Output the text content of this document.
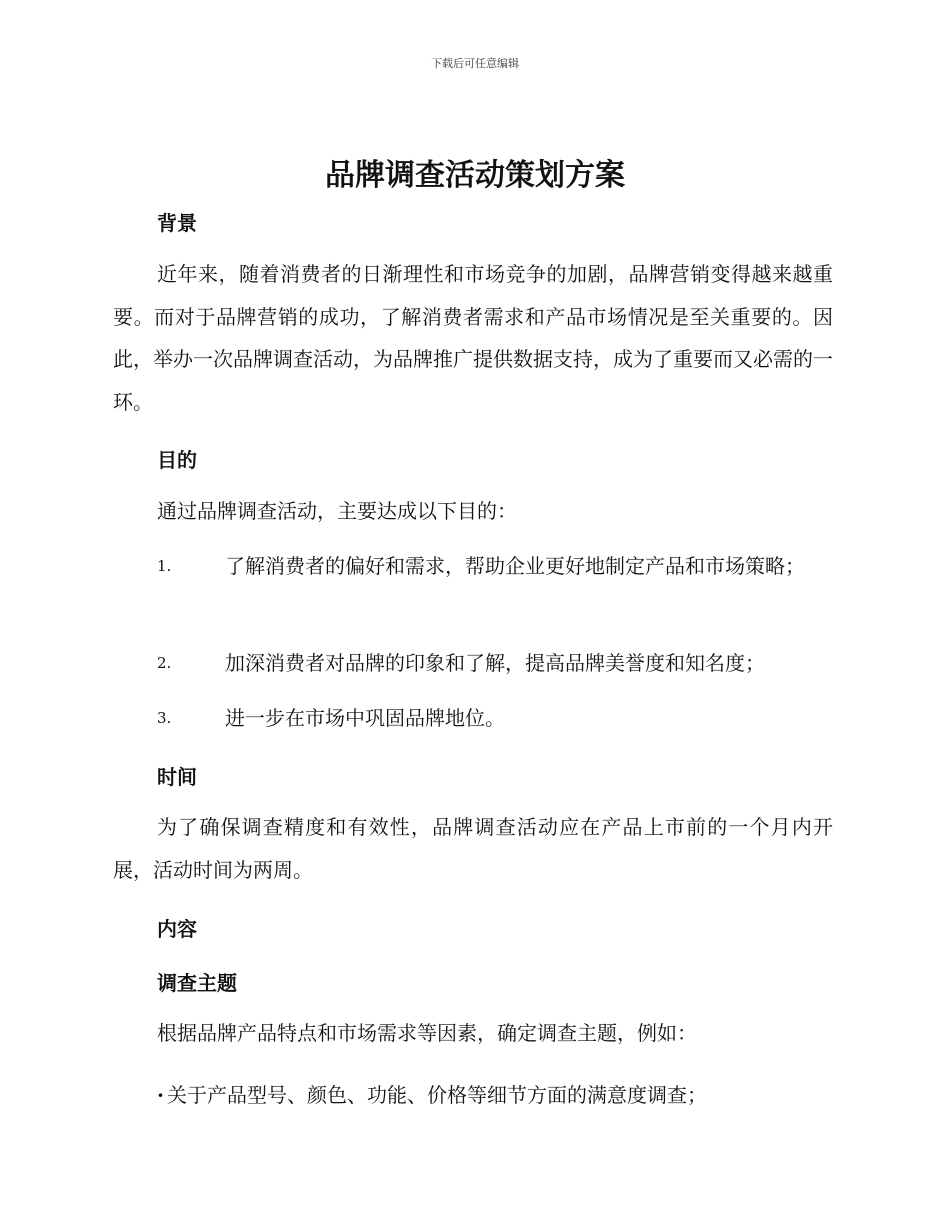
下载后可任意编辑
品牌调查活动策划方案
背景

近年来，随着消费者的日渐理性和市场竞争的加剧，品牌营销变得越来越重要。而对于品牌营销的成功，了解消费者需求和产品市场情况是至关重要的。因此，举办一次品牌调查活动，为品牌推广提供数据支持，成为了重要而又必需的一环。

目的

通过品牌调查活动，主要达成以下目的：

1.	了解消费者的偏好和需求，帮助企业更好地制定产品和市场策略；
2.	加深消费者对品牌的印象和了解，提高品牌美誉度和知名度；
3.	进一步在市场中巩固品牌地位。
时间

为了确保调查精度和有效性，品牌调查活动应在产品上市前的一个月内开展，活动时间为两周。

内容
调查主题

根据品牌产品特点和市场需求等因素，确定调查主题，例如：

· 关于产品型号、颜色、功能、价格等细节方面的满意度调查；
